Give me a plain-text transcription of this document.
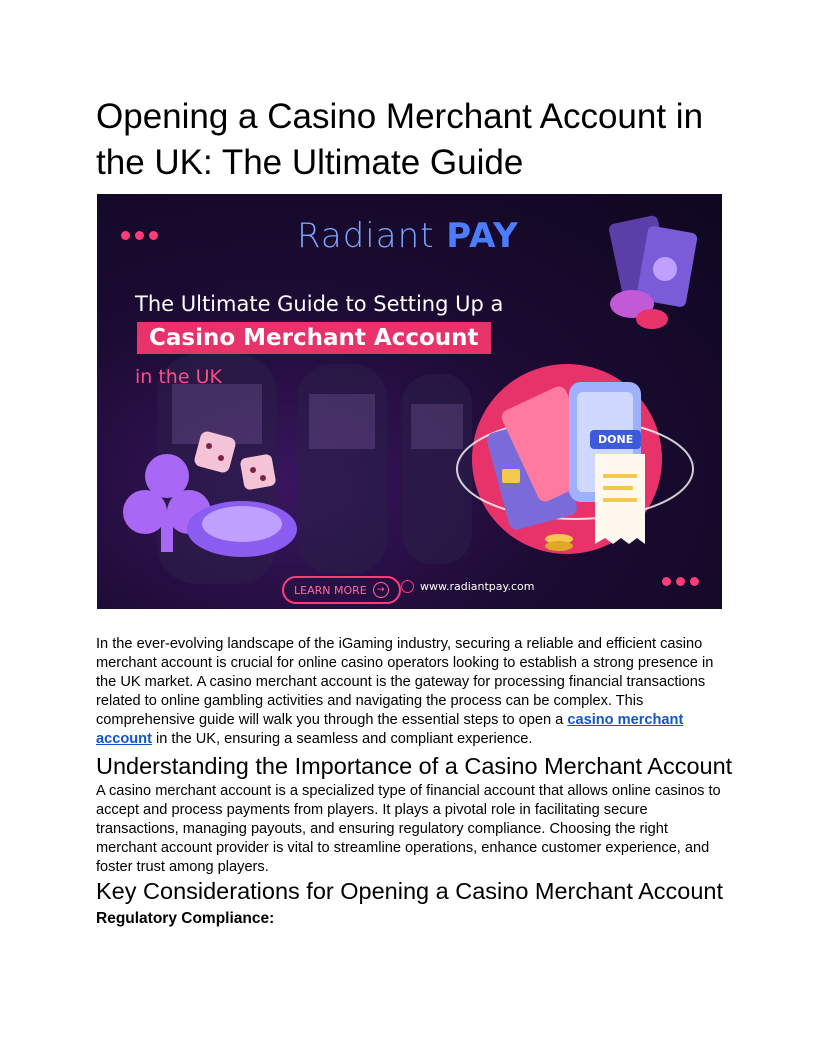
Opening a Casino Merchant Account in the UK: The Ultimate Guide
Radiant PAY
The Ultimate Guide to Setting Up a
Casino Merchant Account
in the UK
DONE
LEARN MORE	→	www.radiantpay.com

In the ever-evolving landscape of the iGaming industry, securing a reliable and efficient casino merchant account is crucial for online casino operators looking to establish a strong presence in the UK market. A casino merchant account is the gateway for processing financial transactions related to online gambling activities and navigating the process can be complex. This comprehensive guide will walk you through the essential steps to open a casino merchant account in the UK, ensuring a seamless and compliant experience.

Understanding the Importance of a Casino Merchant Account

A casino merchant account is a specialized type of financial account that allows online casinos to accept and process payments from players. It plays a pivotal role in facilitating secure transactions, managing payouts, and ensuring regulatory compliance. Choosing the right merchant account provider is vital to streamline operations, enhance customer experience, and foster trust among players.

Key Considerations for Opening a Casino Merchant Account
Regulatory Compliance:
